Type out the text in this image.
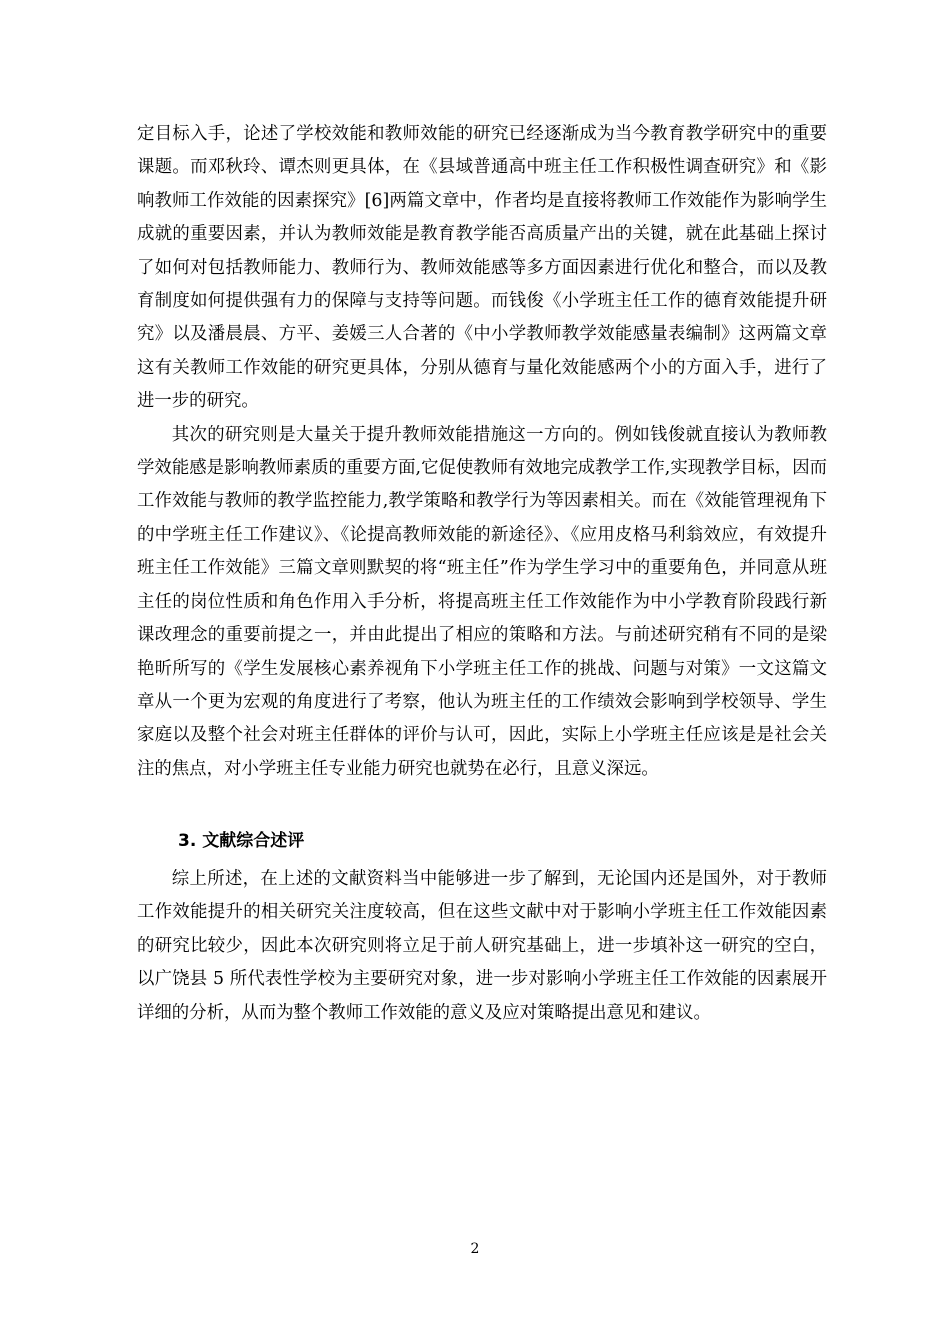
定目标入手，论述了学校效能和教师效能的研究已经逐渐成为当今教育教学研究中的重要课题。而邓秋玲、谭杰则更具体，在《县域普通高中班主任工作积极性调查研究》和《影响教师工作效能的因素探究》[6]两篇文章中，作者均是直接将教师工作效能作为影响学生成就的重要因素，并认为教师效能是教育教学能否高质量产出的关键，就在此基础上探讨了如何对包括教师能力、教师行为、教师效能感等多方面因素进行优化和整合，而以及教育制度如何提供强有力的保障与支持等问题。而钱俊《小学班主任工作的德育效能提升研究》以及潘晨晨、方平、姜媛三人合著的《中小学教师教学效能感量表编制》这两篇文章这有关教师工作效能的研究更具体，分别从德育与量化效能感两个小的方面入手，进行了进一步的研究。

其次的研究则是大量关于提升教师效能措施这一方向的。例如钱俊就直接认为教师教学效能感是影响教师素质的重要方面,它促使教师有效地完成教学工作,实现教学目标，因而工作效能与教师的教学监控能力,教学策略和教学行为等因素相关。而在《效能管理视角下的中学班主任工作建议》、《论提高教师效能的新途径》、《应用皮格马利翁效应，有效提升班主任工作效能》三篇文章则默契的将“班主任”作为学生学习中的重要角色，并同意从班主任的岗位性质和角色作用入手分析，将提高班主任工作效能作为中小学教育阶段践行新课改理念的重要前提之一，并由此提出了相应的策略和方法。与前述研究稍有不同的是梁艳昕所写的《学生发展核心素养视角下小学班主任工作的挑战、问题与对策》一文这篇文章从一个更为宏观的角度进行了考察，他认为班主任的工作绩效会影响到学校领导、学生家庭以及整个社会对班主任群体的评价与认可，因此，实际上小学班主任应该是是社会关注的焦点，对小学班主任专业能力研究也就势在必行，且意义深远。

3. 文献综合述评

综上所述，在上述的文献资料当中能够进一步了解到，无论国内还是国外，对于教师工作效能提升的相关研究关注度较高，但在这些文献中对于影响小学班主任工作效能因素的研究比较少，因此本次研究则将立足于前人研究基础上，进一步填补这一研究的空白，以广饶县 5 所代表性学校为主要研究对象，进一步对影响小学班主任工作效能的因素展开详细的分析，从而为整个教师工作效能的意义及应对策略提出意见和建议。

2
